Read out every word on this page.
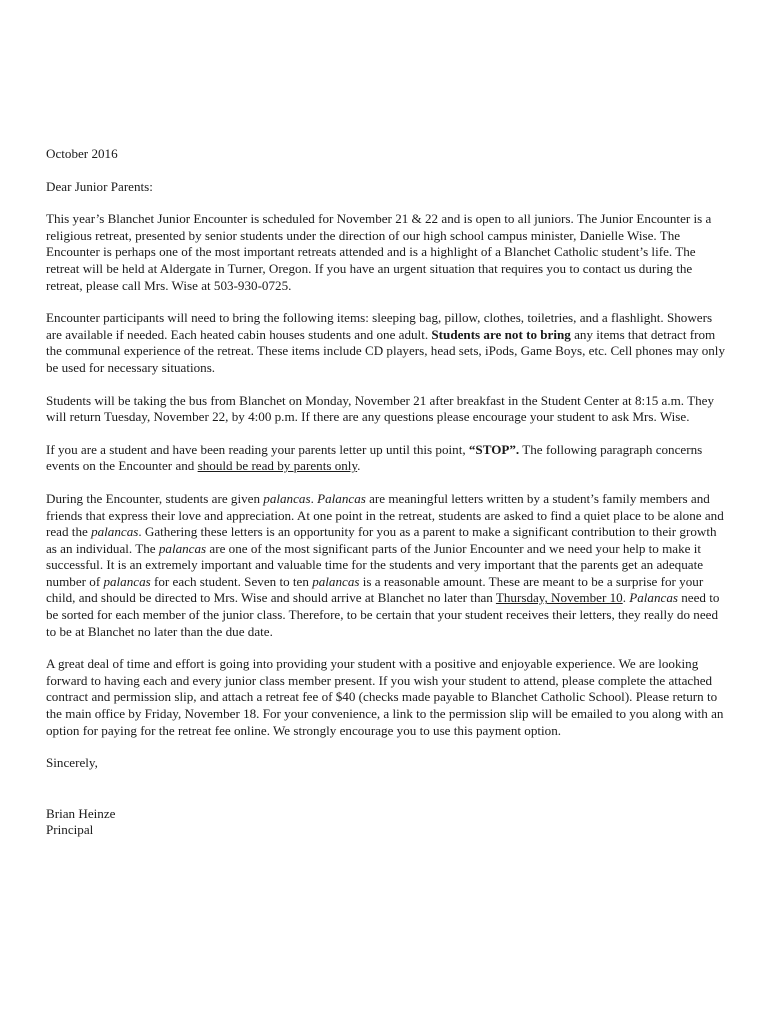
October 2016
Dear Junior Parents:

This year’s Blanchet Junior Encounter is scheduled for November 21 & 22 and is open to all juniors. The Junior Encounter is a religious retreat, presented by senior students under the direction of our high school campus minister, Danielle Wise. The Encounter is perhaps one of the most important retreats attended and is a highlight of a Blanchet Catholic student’s life. The retreat will be held at Aldergate in Turner, Oregon. If you have an urgent situation that requires you to contact us during the retreat, please call Mrs. Wise at 503-930-0725.

Encounter participants will need to bring the following items: sleeping bag, pillow, clothes, toiletries, and a flashlight. Showers are available if needed. Each heated cabin houses students and one adult. Students are not to bring any items that detract from the communal experience of the retreat. These items include CD players, head sets, iPods, Game Boys, etc. Cell phones may only be used for necessary situations.

Students will be taking the bus from Blanchet on Monday, November 21 after breakfast in the Student Center at 8:15 a.m. They will return Tuesday, November 22, by 4:00 p.m. If there are any questions please encourage your student to ask Mrs. Wise.

If you are a student and have been reading your parents letter up until this point, “STOP”. The following paragraph concerns events on the Encounter and should be read by parents only.

During the Encounter, students are given palancas. Palancas are meaningful letters written by a student’s family members and friends that express their love and appreciation. At one point in the retreat, students are asked to find a quiet place to be alone and read the palancas. Gathering these letters is an opportunity for you as a parent to make a significant contribution to their growth as an individual. The palancas are one of the most significant parts of the Junior Encounter and we need your help to make it successful. It is an extremely important and valuable time for the students and very important that the parents get an adequate number of palancas for each student. Seven to ten palancas is a reasonable amount. These are meant to be a surprise for your child, and should be directed to Mrs. Wise and should arrive at Blanchet no later than Thursday, November 10. Palancas need to be sorted for each member of the junior class. Therefore, to be certain that your student receives their letters, they really do need to be at Blanchet no later than the due date.

A great deal of time and effort is going into providing your student with a positive and enjoyable experience. We are looking forward to having each and every junior class member present. If you wish your student to attend, please complete the attached contract and permission slip, and attach a retreat fee of $40 (checks made payable to Blanchet Catholic School). Please return to the main office by Friday, November 18. For your convenience, a link to the permission slip will be emailed to you along with an option for paying for the retreat fee online. We strongly encourage you to use this payment option.

Sincerely,
Brian Heinze
Principal
